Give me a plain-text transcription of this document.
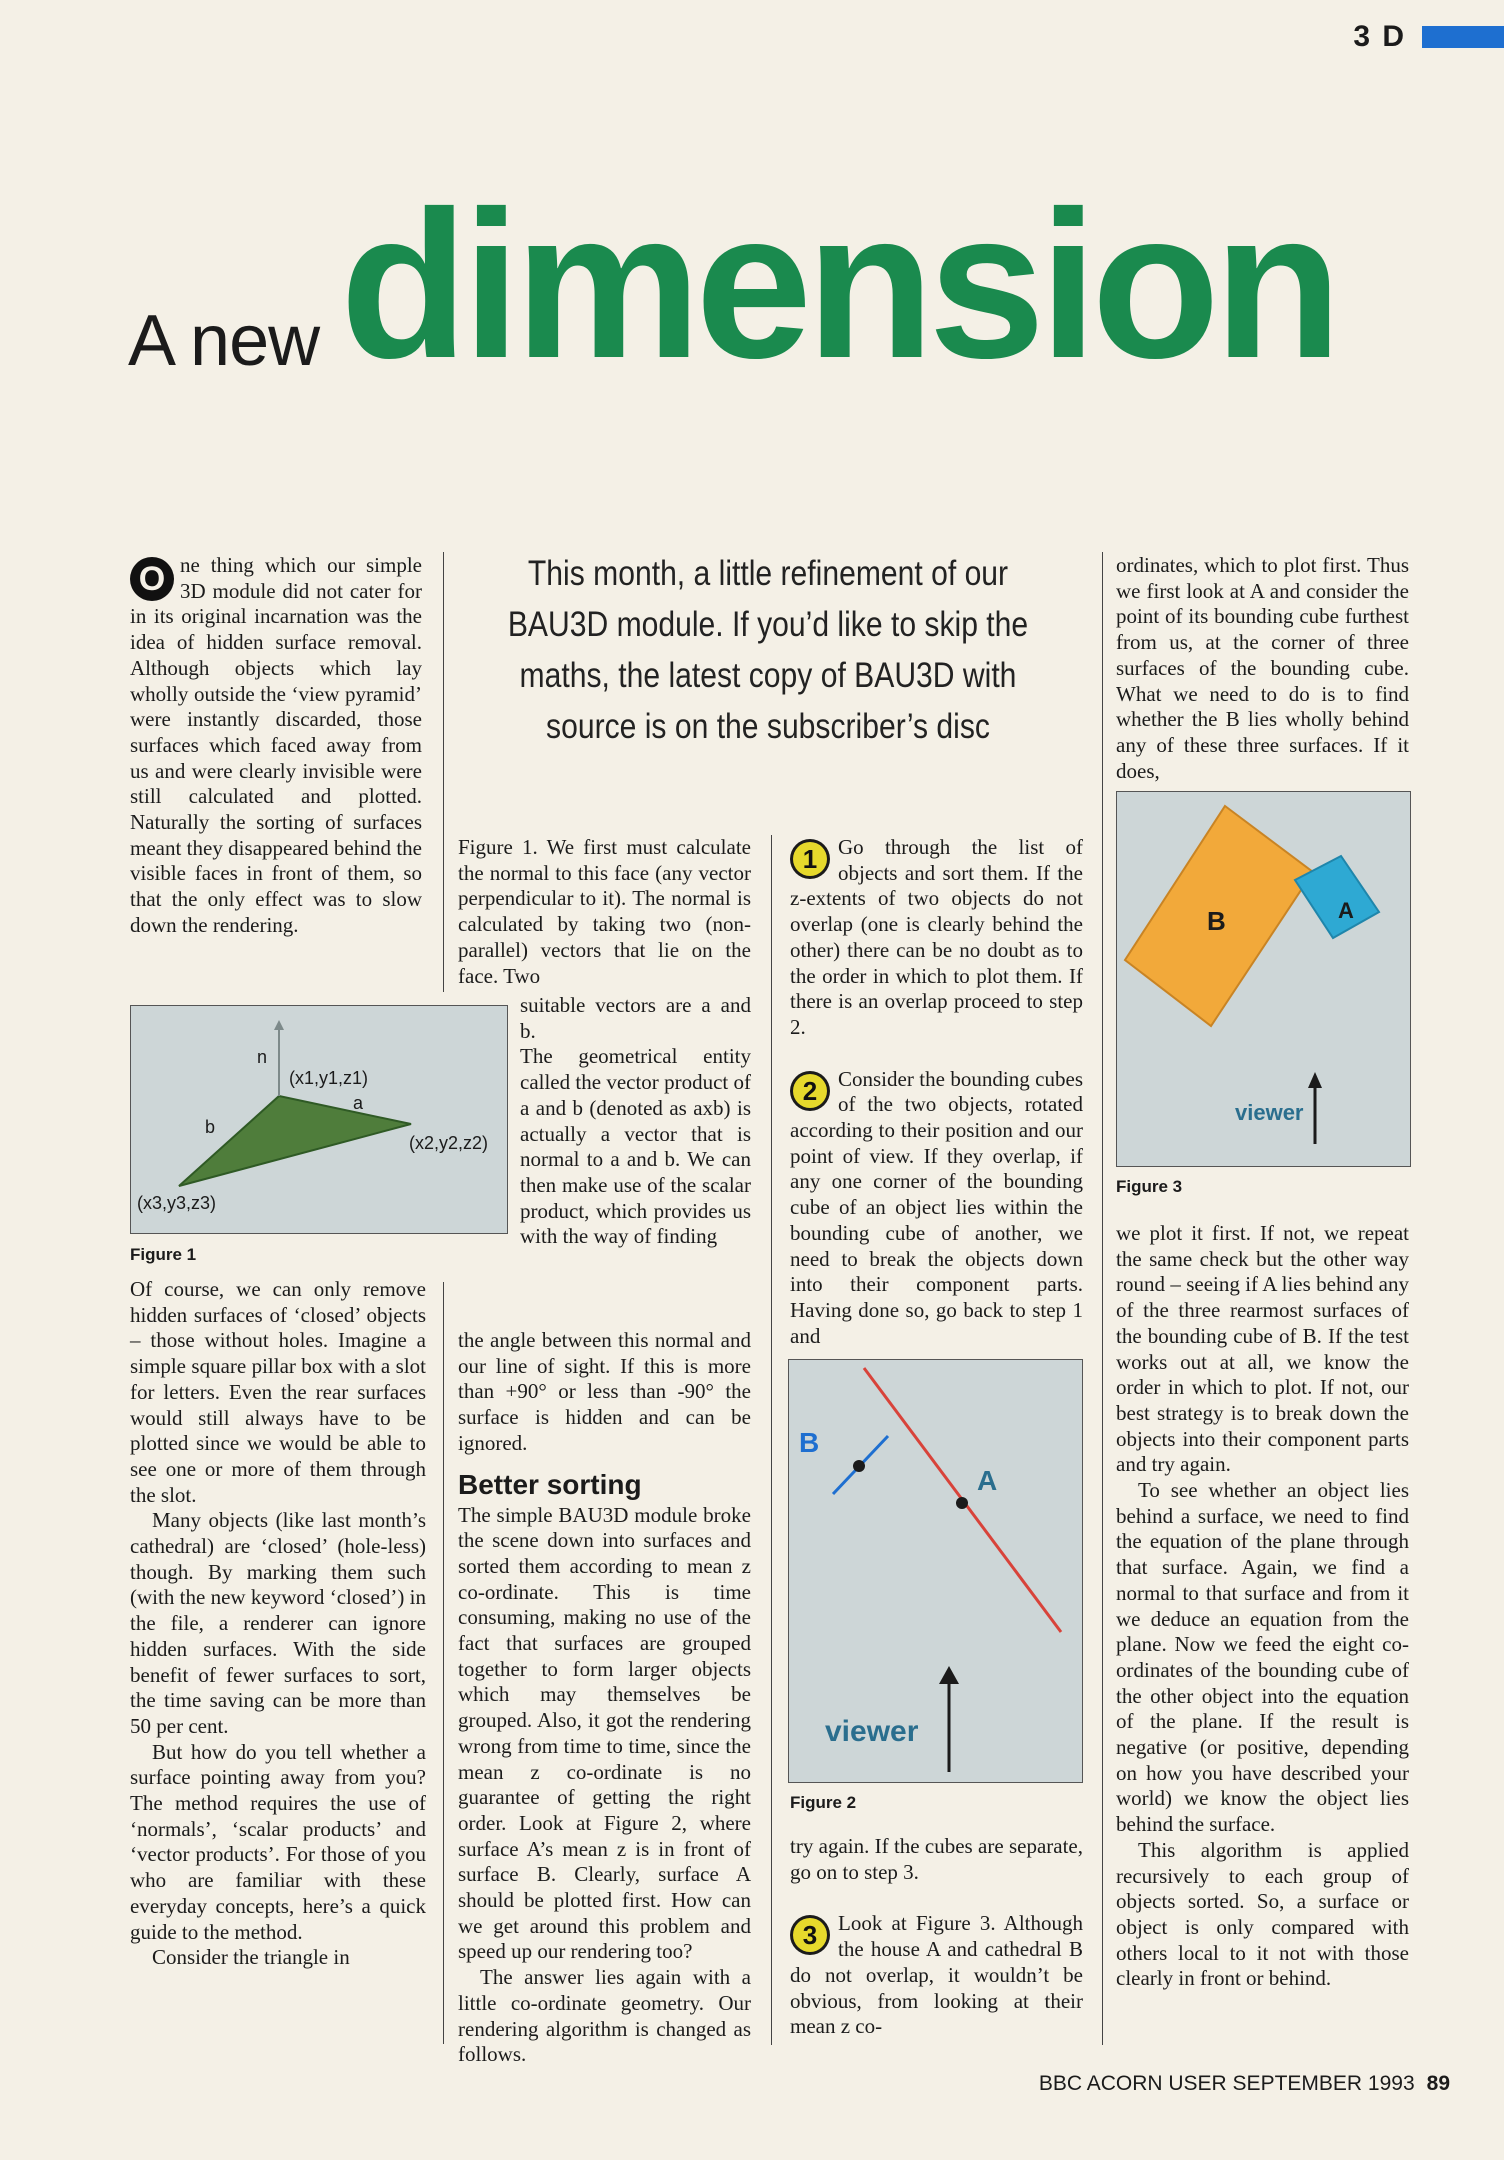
3 D
A new dimension
This month, a little refinement of our BAU3D module. If you’d like to skip the maths, the latest copy of BAU3D with source is on the subscriber’s disc

O ne thing which our simple 3D module did not cater for in its original incarnation was the idea of hidden surface removal. Although objects which lay wholly outside the ‘view pyramid’ were instantly discarded, those surfaces which faced away from us and were clearly invisible were still calculated and plotted. Naturally the sorting of surfaces meant they disappeared behind the visible faces in front of them, so that the only effect was to slow down the rendering.

n
a
b
(x1,y1,z1)
(x2,y2,z2)
(x3,y3,z3)
Figure 1

Of course, we can only remove hidden surfaces of ‘closed’ objects – those without holes. Imagine a simple square pillar box with a slot for letters. Even the rear surfaces would still always have to be plotted since we would be able to see one or more of them through the slot.

Many objects (like last month’s cathedral) are ‘closed’ (hole-less) though. By marking them such (with the new keyword ‘closed’) in the file, a renderer can ignore hidden surfaces. With the side benefit of fewer surfaces to sort, the time saving can be more than 50 per cent.

But how do you tell whether a surface pointing away from you? The method requires the use of ‘normals’, ‘scalar products’ and ‘vector products’. For those of you who are familiar with these everyday concepts, here’s a quick guide to the method.

Consider the triangle in

Figure 1. We first must calculate the normal to this face (any vector perpendicular to it). The normal is calculated by taking two (non-parallel) vectors that lie on the face. Two

suitable vectors are a and b.

The geometrical entity called the vector product of a and b (denoted as axb) is actually a vector that is normal to a and b. We can then make use of the scalar product, which provides us with the way of finding

the angle between this normal and our line of sight. If this is more than +90° or less than -90° the surface is hidden and can be ignored.

Better sorting

The simple BAU3D module broke the scene down into surfaces and sorted them according to mean z co-ordinate. This is time consuming, making no use of the fact that surfaces are grouped together to form larger objects which may themselves be grouped. Also, it got the rendering wrong from time to time, since the mean z co-ordinate is no guarantee of getting the right order. Look at Figure 2, where surface A’s mean z is in front of surface B. Clearly, surface A should be plotted first. How can we get around this problem and speed up our rendering too?

The answer lies again with a little co-ordinate geometry. Our rendering algorithm is changed as follows.

1 Go through the list of objects and sort them. If the z-extents of two objects do not overlap (one is clearly behind the other) there can be no doubt as to the order in which to plot them. If there is an overlap proceed to step 2.

2 Consider the bounding cubes of the two objects, rotated according to their position and our point of view. If they overlap, if any one corner of the bounding cube of an object lies within the bounding cube of another, we need to break the objects down into their component parts. Having done so, go back to step 1 and

B
A
viewer
Figure 2

try again. If the cubes are separate, go on to step 3.

3 Look at Figure 3. Although the house A and cathedral B do not overlap, it wouldn’t be obvious, from looking at their mean z co-

ordinates, which to plot first. Thus we first look at A and consider the point of its bounding cube furthest from us, at the corner of three surfaces of the bounding cube. What we need to do is to find whether the B lies wholly behind any of these three surfaces. If it does,

B	A
viewer
Figure 3

we plot it first. If not, we repeat the same check but the other way round – seeing if A lies behind any of the three rearmost surfaces of the bounding cube of B. If the test works out at all, we know the order in which to plot. If not, our best strategy is to break down the objects into their component parts and try again.

To see whether an object lies behind a surface, we need to find the equation of the plane through that surface. Again, we find a normal to that surface and from it we deduce an equation from the plane. Now we feed the eight co-ordinates of the bounding cube of the other object into the equation of the plane. If the result is negative (or positive, depending on how you have described your world) we know the object lies behind the surface.

This algorithm is applied recursively to each group of objects sorted. So, a surface or object is only compared with others local to it not with those clearly in front or behind.

BBC ACORN USER SEPTEMBER 1993 89
